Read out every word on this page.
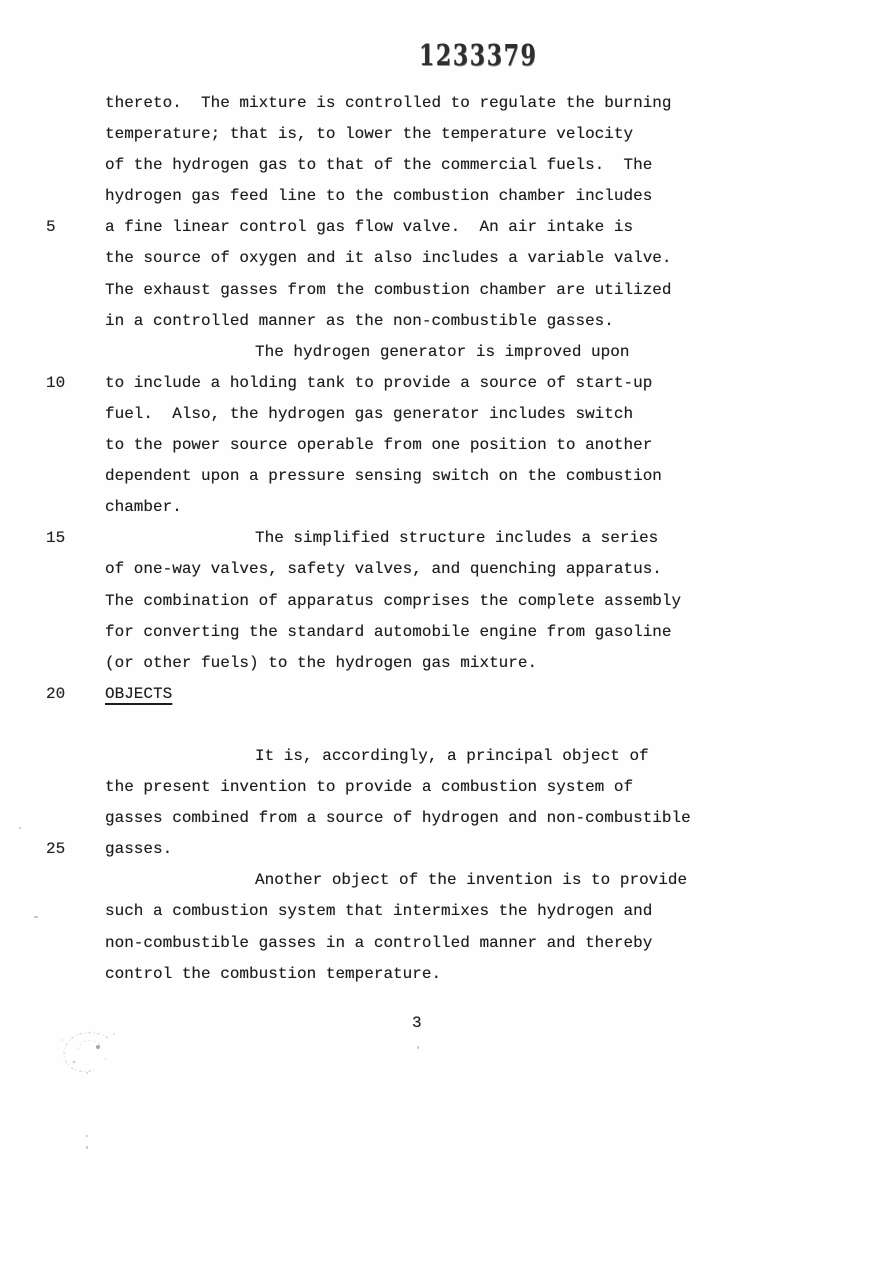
1233379
thereto.  The mixture is controlled to regulate the burning
temperature; that is, to lower the temperature velocity
of the hydrogen gas to that of the commercial fuels.  The
hydrogen gas feed line to the combustion chamber includes
5	a fine linear control gas flow valve.  An air intake is
the source of oxygen and it also includes a variable valve.
The exhaust gasses from the combustion chamber are utilized
in a controlled manner as the non-combustible gasses.
The hydrogen generator is improved upon
10 to include a holding tank to provide a source of start-up
fuel.  Also, the hydrogen gas generator includes switch
to the power source operable from one position to another
dependent upon a pressure sensing switch on the combustion
chamber.
15	The simplified structure includes a series
of one-way valves, safety valves, and quenching apparatus.
The combination of apparatus comprises the complete assembly
for converting the standard automobile engine from gasoline
(or other fuels) to the hydrogen gas mixture.
20 OBJECTS
It is, accordingly, a principal object of
the present invention to provide a combustion system of
gasses combined from a source of hydrogen and non-combustible
25 gasses.
Another object of the invention is to provide
such a combustion system that intermixes the hydrogen and
non-combustible gasses in a controlled manner and thereby
control the combustion temperature.
3
